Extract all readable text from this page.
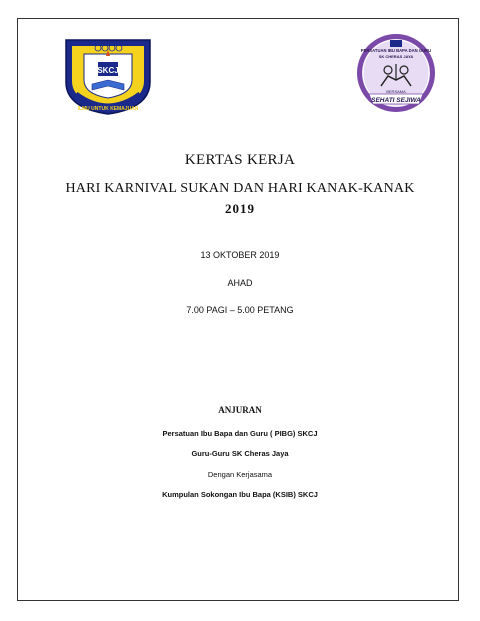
SKCJ
ILMU UNTUK KEMAJUAN
PERSATUAN IBU BAPA DAN GURU
SK CHERAS JAYA
BERSAMA
SEHATI SEJIWA
KERTAS KERJA
HARI KARNIVAL SUKAN DAN HARI KANAK-KANAK
2019
13 OKTOBER 2019
AHAD
7.00 PAGI – 5.00 PETANG
ANJURAN
Persatuan Ibu Bapa dan Guru ( PIBG) SKCJ
Guru-Guru SK Cheras Jaya
Dengan Kerjasama
Kumpulan Sokongan Ibu Bapa (KSIB) SKCJ
